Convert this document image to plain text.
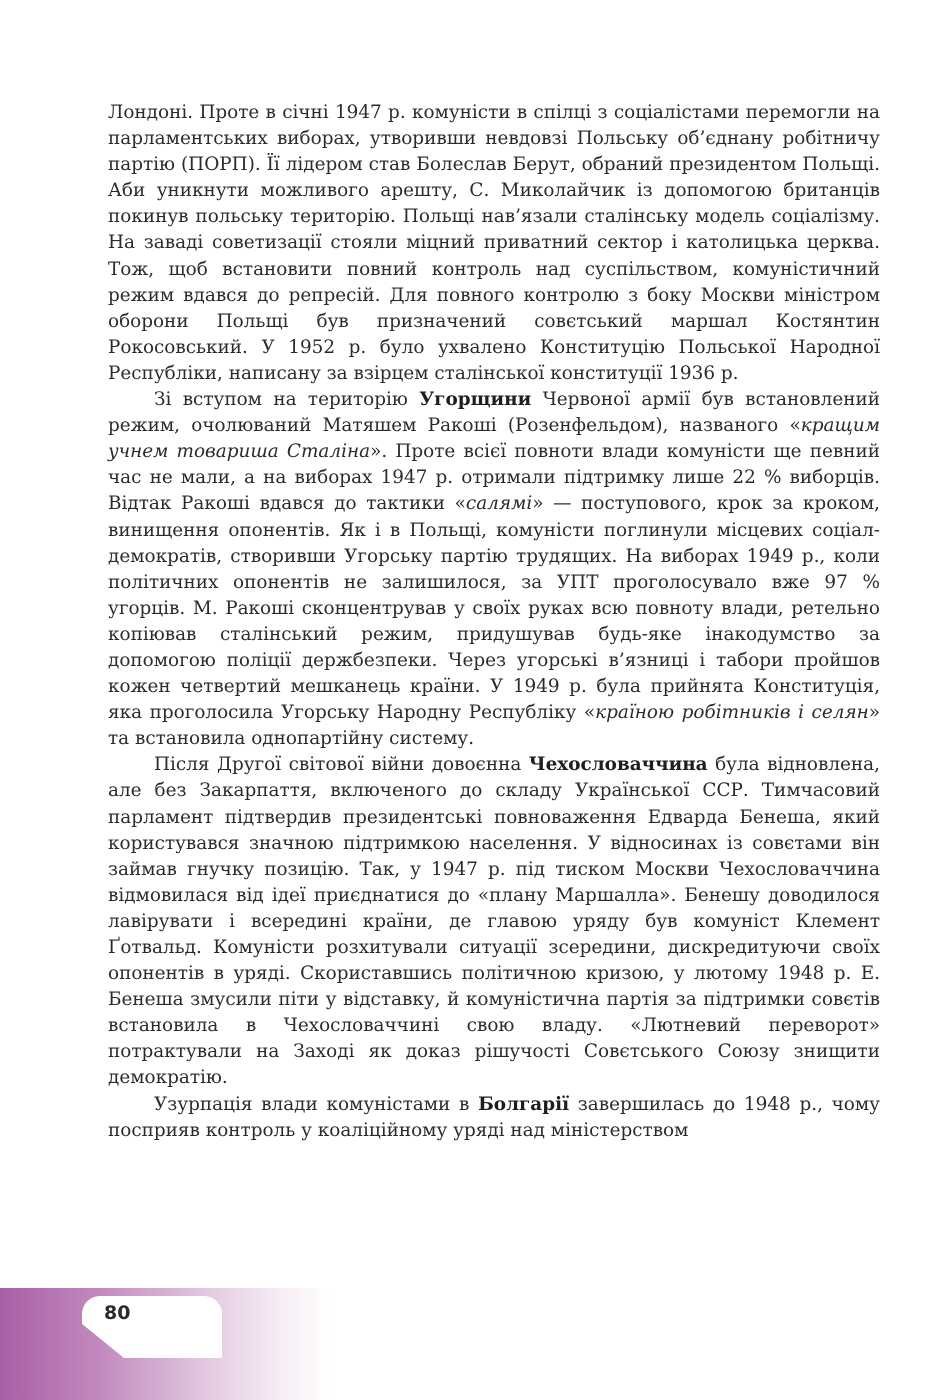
80

Лондоні. Проте в січні 1947 р. комуністи в спілці з соціалістами перемогли на парламентських виборах, утворивши невдовзі Польську об’єднану робітничу партію (ПОРП). Її лідером став Болеслав Берут, обраний президентом Польщі. Аби уникнути можливого арешту, С. Миколайчик із допомогою британців покинув польську територію. Польщі нав’язали сталінську модель соціалізму. На заваді советизації стояли міцний приватний сектор і католицька церква. Тож, щоб встановити повний контроль над суспільством, комуністичний режим вдався до репресій. Для повного контролю з боку Москви міністром оборони Польщі був призначений совєтський маршал Костянтин Рокосовський. У 1952 р. було ухвалено Конституцію Польської Народної Республіки, написану за взірцем сталінської конституції 1936 р.

Зі вступом на територію Угорщини Червоної армії був встановлений режим, очолюваний Матяшем Ракоші (Розенфельдом), названого «кращим учнем товариша Сталіна». Проте всієї повноти влади комуністи ще певний час не мали, а на виборах 1947 р. отримали підтримку лише 22 % виборців. Відтак Ракоші вдався до тактики «салямі» — поступового, крок за кроком, винищення опонентів. Як і в Польщі, комуністи поглинули місцевих соціал-демократів, створивши Угорську партію трудящих. На виборах 1949 р., коли політичних опонентів не залишилося, за УПТ проголосувало вже 97 % угорців. М. Ракоші сконцентрував у своїх руках всю повноту влади, ретельно копіював сталінський режим, придушував будь-яке інакодумство за допомогою поліції держбезпеки. Через угорські в’язниці і табори пройшов кожен четвертий мешканець країни. У 1949 р. була прийнята Конституція, яка проголосила Угорську Народну Республіку «країною робітників і селян» та встановила однопартійну систему.

Після Другої світової війни довоєнна Чехословаччина була відновлена, але без Закарпаття, включеного до складу Української ССР. Тимчасовий парламент підтвердив президентські повноваження Едварда Бенеша, який користувався значною підтримкою населення. У відносинах із совєтами він займав гнучку позицію. Так, у 1947 р. під тиском Москви Чехословаччина відмовилася від ідеї приєднатися до «плану Маршалла». Бенешу доводилося лавірувати і всередині країни, де главою уряду був комуніст Клемент Ґотвальд. Комуністи розхитували ситуації зсередини, дискредитуючи своїх опонентів в уряді. Скориставшись політичною кризою, у лютому 1948 р. Е. Бенеша змусили піти у відставку, й комуністична партія за підтримки совєтів встановила в Чехословаччині свою владу. «Лютневий переворот» потрактували на Заході як доказ рішучості Совєтського Союзу знищити демократію.

Узурпація влади комуністами в Болгарії завершилась до 1948 р., чому посприяв контроль у коаліційному уряді над міністерством
